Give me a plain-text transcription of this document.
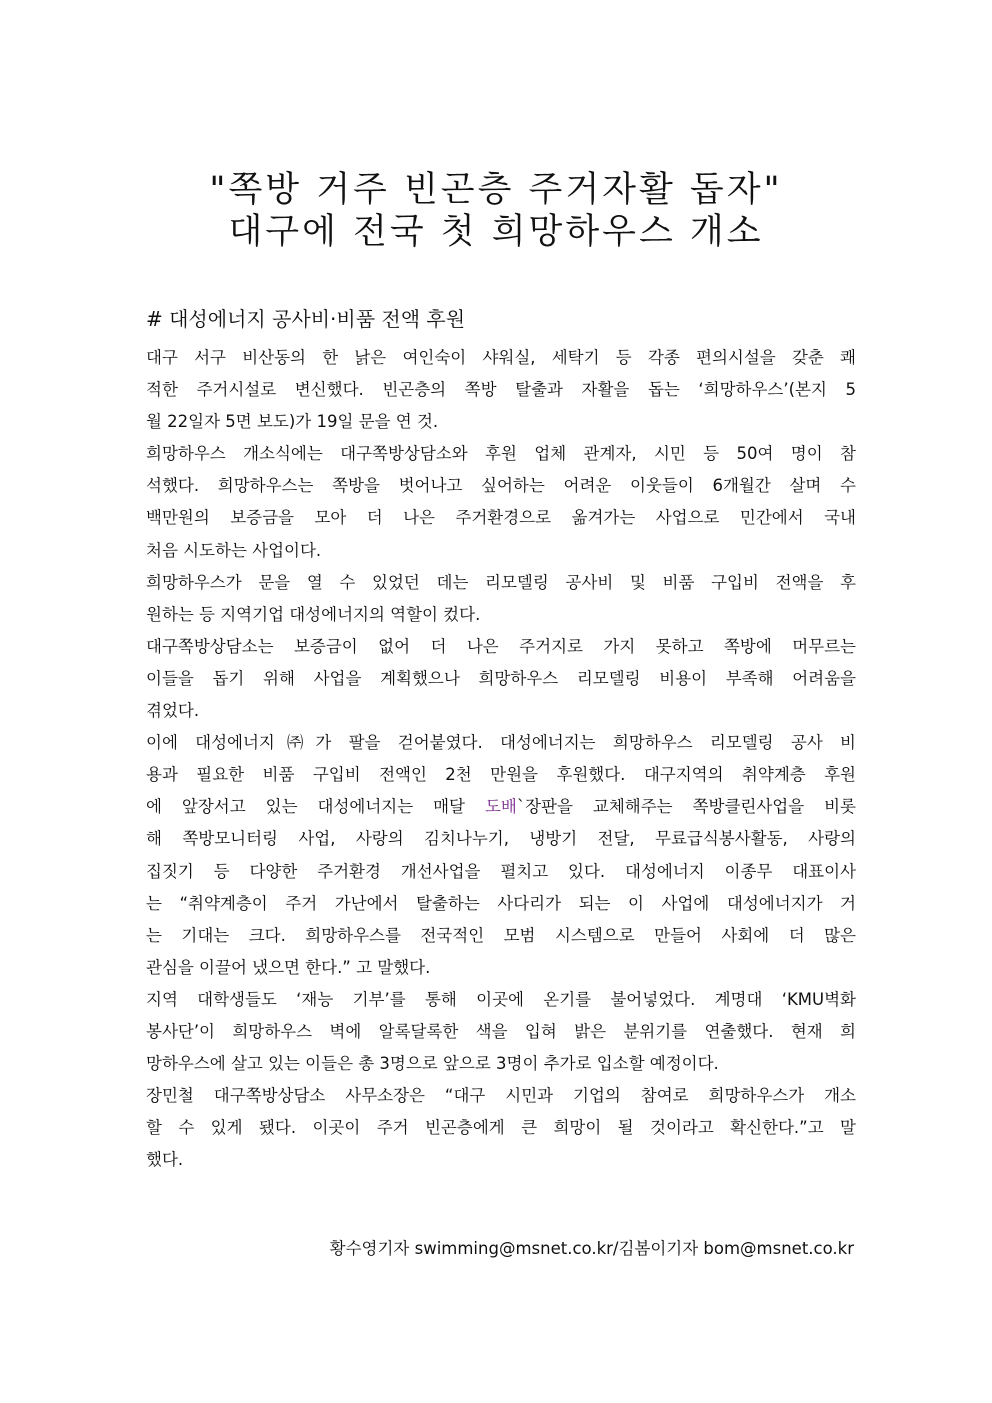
"쪽방 거주 빈곤층 주거자활 돕자"
대구에 전국 첫 희망하우스 개소
# 대성에너지 공사비·비품 전액 후원
대구 서구 비산동의 한 낡은 여인숙이 샤워실, 세탁기 등 각종 편의시설을 갖춘 쾌
적한 주거시설로 변신했다. 빈곤층의 쪽방 탈출과 자활을 돕는 ‘희망하우스’(본지 5
월 22일자 5면 보도)가 19일 문을 연 것.
희망하우스 개소식에는 대구쪽방상담소와 후원 업체 관계자, 시민 등 50여 명이 참
석했다. 희망하우스는 쪽방을 벗어나고 싶어하는 어려운 이웃들이 6개월간 살며 수
백만원의 보증금을 모아 더 나은 주거환경으로 옮겨가는 사업으로 민간에서 국내
처음 시도하는 사업이다.
희망하우스가 문을 열 수 있었던 데는 리모델링 공사비 및 비품 구입비 전액을 후
원하는 등 지역기업 대성에너지의 역할이 컸다.
대구쪽방상담소는 보증금이 없어 더 나은 주거지로 가지 못하고 쪽방에 머무르는
이들을 돕기 위해 사업을 계획했으나 희망하우스 리모델링 비용이 부족해 어려움을
겪었다.
이에 대성에너지㈜가 팔을 걷어붙였다. 대성에너지는 희망하우스 리모델링 공사 비
용과 필요한 비품 구입비 전액인 2천 만원을 후원했다. 대구지역의 취약계층 후원
에 앞장서고 있는 대성에너지는 매달 도배`장판을 교체해주는 쪽방클린사업을 비롯
해 쪽방모니터링 사업, 사랑의 김치나누기, 냉방기 전달, 무료급식봉사활동, 사랑의
집짓기 등 다양한 주거환경 개선사업을 펼치고 있다. 대성에너지 이종무 대표이사
는 “취약계층이 주거 가난에서 탈출하는 사다리가 되는 이 사업에 대성에너지가 거
는 기대는 크다. 희망하우스를 전국적인 모범 시스템으로 만들어 사회에 더 많은
관심을 이끌어 냈으면 한다.” 고 말했다.
지역 대학생들도 ‘재능 기부’를 통해 이곳에 온기를 불어넣었다. 계명대 ‘KMU벽화
봉사단’이 희망하우스 벽에 알록달록한 색을 입혀 밝은 분위기를 연출했다. 현재 희
망하우스에 살고 있는 이들은 총 3명으로 앞으로 3명이 추가로 입소할 예정이다.
장민철 대구쪽방상담소 사무소장은 “대구 시민과 기업의 참여로 희망하우스가 개소
할 수 있게 됐다. 이곳이 주거 빈곤층에게 큰 희망이 될 것이라고 확신한다.”고 말
했다.
황수영기자 swimming@msnet.co.kr/김봄이기자 bom@msnet.co.kr
